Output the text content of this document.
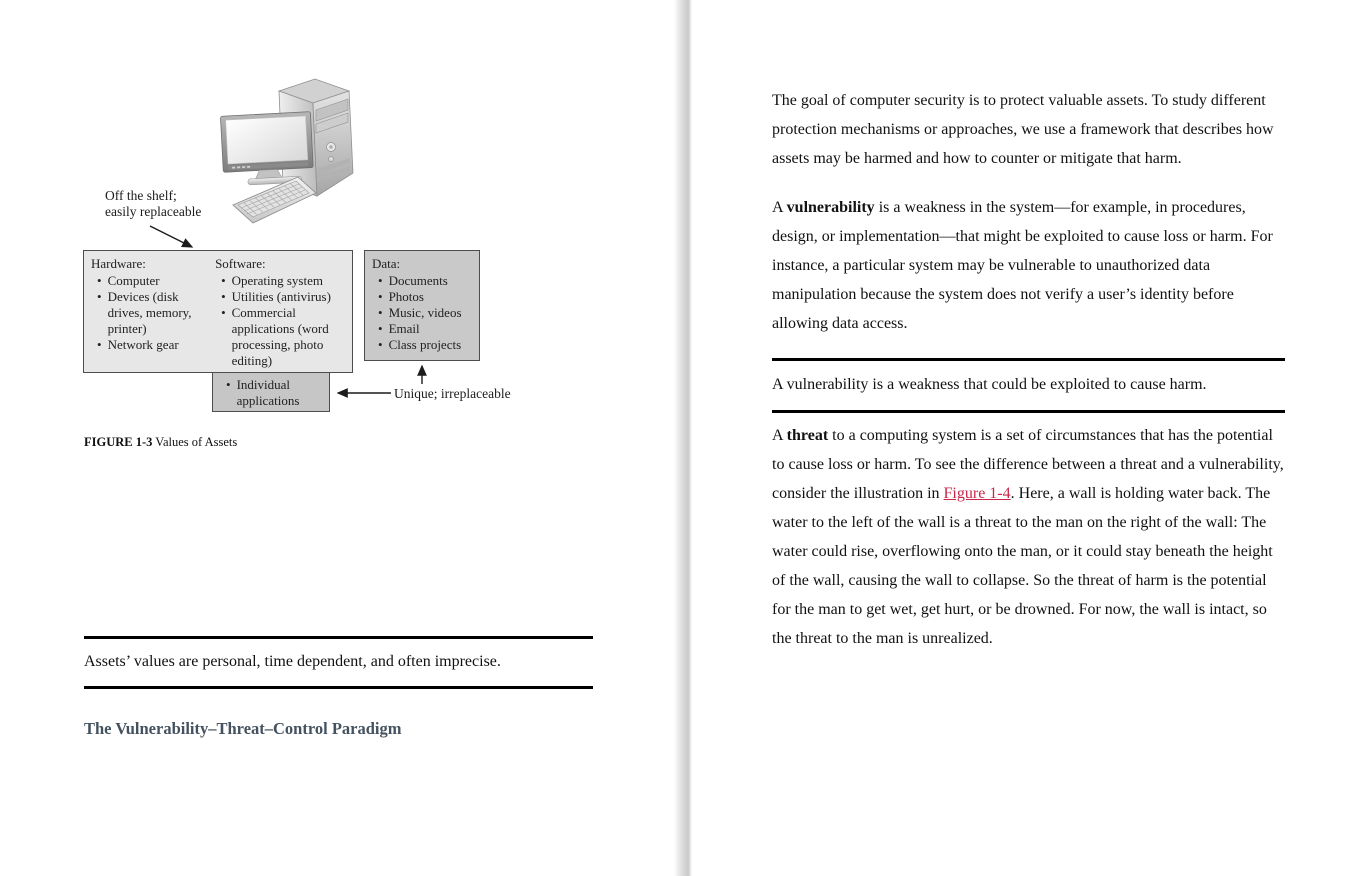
Off the shelf;
easily replaceable
Hardware:
• Computer
• Devices (disk drives, memory, printer)
• Network gear
Software:
• Operating system
• Utilities (antivirus)
• Commercial applications (word processing, photo editing)
Data:
• Documents
• Photos
• Music, videos
• Email
• Class projects
• Individual applications	Unique; irreplaceable
FIGURE 1-3 Values of Assets
Assets’ values are personal, time dependent, and often imprecise.
The Vulnerability–Threat–Control Paradigm

The goal of computer security is to protect valuable assets. To study different protection mechanisms or approaches, we use a framework that describes how assets may be harmed and how to counter or mitigate that harm.

A vulnerability is a weakness in the system—for example, in procedures, design, or implementation—that might be exploited to cause loss or harm. For instance, a particular system may be vulnerable to unauthorized data manipulation because the system does not verify a user’s identity before allowing data access.

A vulnerability is a weakness that could be exploited to cause harm.

A threat to a computing system is a set of circumstances that has the potential to cause loss or harm. To see the difference between a threat and a vulnerability, consider the illustration in Figure 1-4. Here, a wall is holding water back. The water to the left of the wall is a threat to the man on the right of the wall: The water could rise, overflowing onto the man, or it could stay beneath the height of the wall, causing the wall to collapse. So the threat of harm is the potential for the man to get wet, get hurt, or be drowned. For now, the wall is intact, so the threat to the man is unrealized.
